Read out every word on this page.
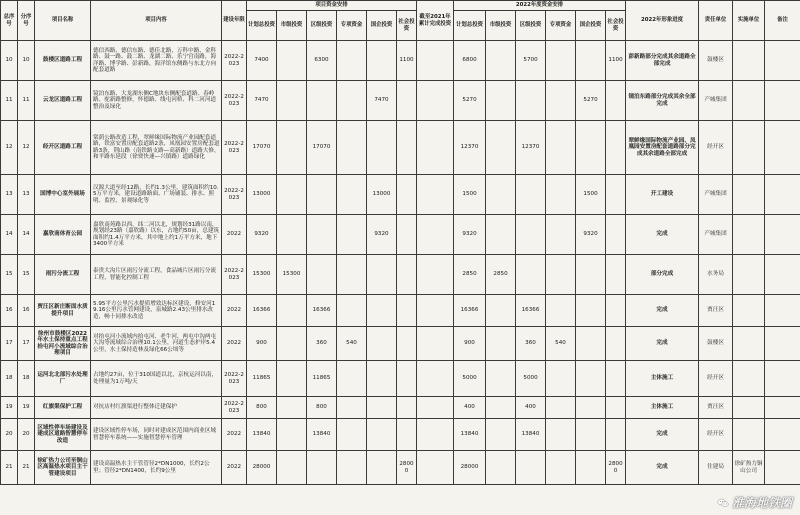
总序号	分序号	项目名称	项目内容	建设年限	项目资金安排						截至2021年累计完成投资	2022年度资金安排						2022年形象进度	责任单位	实施单位	备注
					计划总投资	市级投资	区级投资	专项资金	国企投资	社会投资		计划总投资	市级投资	区级投资	专项资金	国企投资	社会投资				
10	10	鼓楼区道路工程	德信西路、德信东路、德佳北路，万科中路、金科路、鼓一路、鼓二路、龙湖二路、乐宁宫南路，海洋路、博学路、彭新路，海洋馆东侧路与东北方向配套道路	2022-2023	7400		6300			1100		6800		5700			1100	彭新路部分完成其余道路全部完成	鼓楼区		
11	11	云龙区道路工程	镜泊东路、大龙湖东侧C地块东侧配套道路、春岭路、驼新路整修，怀德路、线屯河桥、科二河河道整治及绿化	2022-2023	7470				7470			5270				5270		镜泊东路部分完成其余全部完成	产城集团		
12	12	经开区道路工程	棠荫公路改造工程，翠鲜缘国际物流产业园配套道路，铁富安置房配套道路2条，凤凰园安置房配套道路3条，荆山路（南铁路支路—高新路）道路大修，和平路东延段（徐贾快速—兴镇路）道路绿化	2022-2023	17070		17070					12370		12370				翠鲜缘国际物流产业园、凤凰园安置房配套道路部分完成其余道路全部完成	经开区		
13	13	国博中心室外展场	汉源大道至经12路，长约1.3公里，建筑面积约10.5万平方米，建设道路路面、广场铺装、排水、照明、监控、景观绿化等	2022-2023	13000				13000			1500				1500		开工建设	产城集团		
14	14	嘉欣南体育公园	嘉欣南苑路以西，纬二河以北，规划经31路以南，规划经23路（嘉欣路）以东，占地约50亩，总建筑面积约1.4万平方米，其中地上约1万平方米，地下3400平方米	2022	9320				9320			9320				9320		完成	产城集团		
15	15	雨污分流工程	泰贵大沟片区雨污分流工程，食品城片区雨污分流工程，智能化控制工程	2022-2023	15300	15300						2850	2850					部分完成	水务局		
16	16	贾汪区新庄断面水质提升项目	5.95平方公里污水提质增效达标区建设，修安河19.16公里污水管网建设，泉城路2.43公里排水改造，畅十同排水改造	2022	16366		16366					16366		16366				完成	贾汪区		
17	17	徐州市鼓楼区2022年水土保持重点工程拾屯河小流域综合治理项目	对拾屯河小流域内拾屯河、老牛河、两屯中沟两屯大沟等流域综合治理10.1公里，河道生态护岸5.4公里，水土保持造林及绿化66公顷等	2022	900		360	540				900		360	540			完成	鼓楼区		
18	18	运河北北部污水处理厂	占地约27亩，位于310国道以北，京杭运河以南，处理量为1万吨/天	2022-2023	11865		11865					5000		5000				主体施工	经开区		
19	19	红旗渠保护工程	对抗店村红旗渠进行整体迁建保护	2022-2023	800		800					400		400				主体施工	贾汪区		
20	20	区域性停车场建设及建成区道路智慧停车改造	建设区域性停车场，同时对建成区范围内商业区域智慧停车系统——实施智慧停车管理	2022	13840		13840					13840		13840				完成	经开区		
21	21	徐矿热力公司至铜山区高温热水项目主干管建设项目	建设高温热水主干管管径2*DN1000，长约2公里；管径2*DN1400，长约9公里	2022	28000					28000		28000					28000	完成	住建局	徐矿热力铜山公司	
淮海地铁圈
